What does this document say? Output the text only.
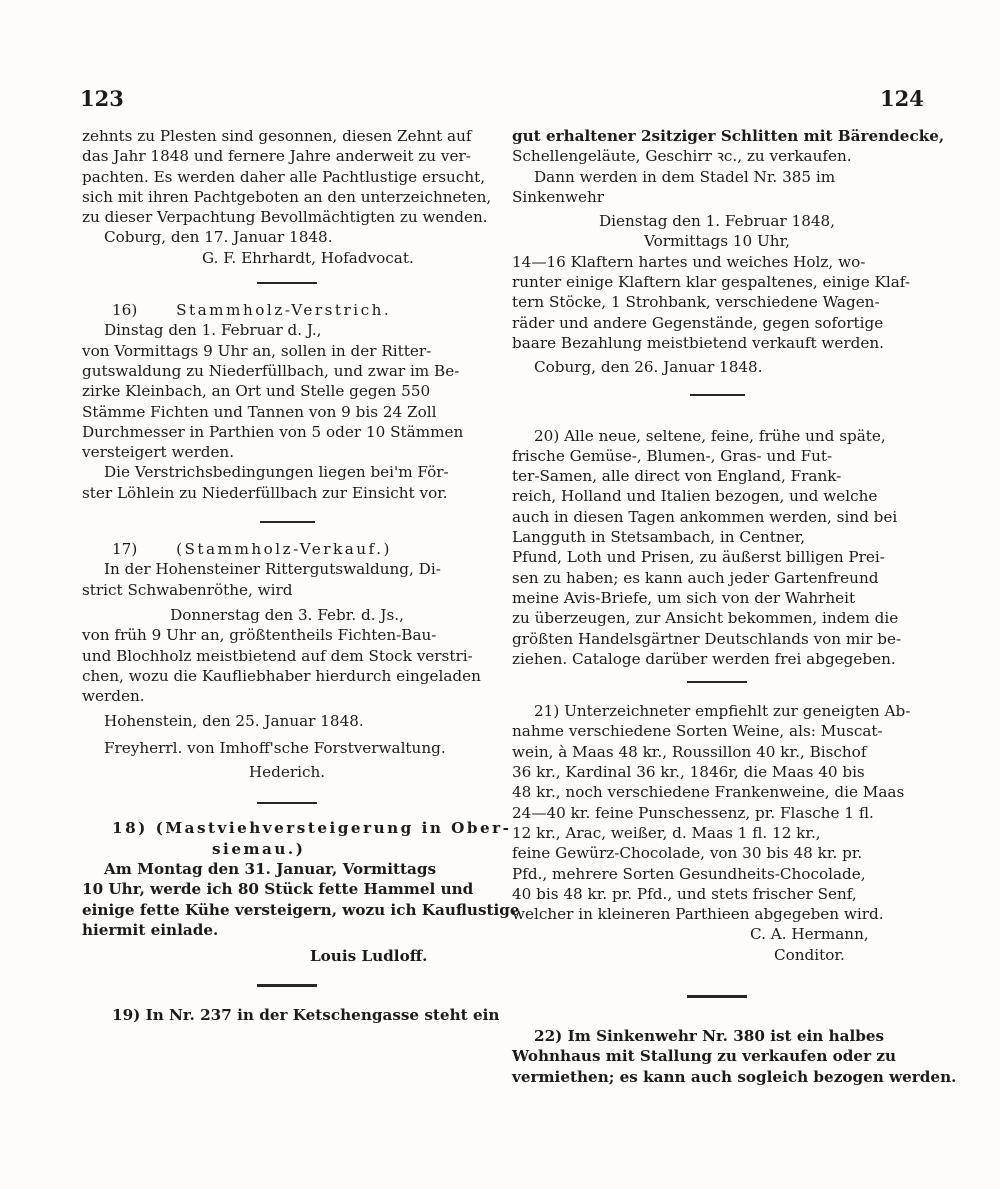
123	124
zehnts zu Plesten sind gesonnen, diesen Zehnt auf
das Jahr 1848 und fernere Jahre anderweit zu ver-
pachten. Es werden daher alle Pachtlustige ersucht,
sich mit ihren Pachtgeboten an den unterzeichneten,
zu dieser Verpachtung Bevollmächtigten zu wenden.
Coburg, den 17. Januar 1848.
G. F. Ehrhardt, Hofadvocat.
16)	Stammholz-Verstrich.
Dinstag den 1. Februar d. J.,
von Vormittags 9 Uhr an, sollen in der Ritter-
gutswaldung zu Niederfüllbach, und zwar im Be-
zirke Kleinbach, an Ort und Stelle gegen 550
Stämme Fichten und Tannen von 9 bis 24 Zoll
Durchmesser in Parthien von 5 oder 10 Stämmen
versteigert werden.
Die Verstrichsbedingungen liegen bei'm För-
ster Löhlein zu Niederfüllbach zur Einsicht vor.
17)	(Stammholz-Verkauf.)
In der Hohensteiner Rittergutswaldung, Di-
strict Schwabenröthe, wird
Donnerstag den 3. Febr. d. Js.,
von früh 9 Uhr an, größtentheils Fichten-Bau-
und Blochholz meistbietend auf dem Stock verstri-
chen, wozu die Kaufliebhaber hierdurch eingeladen
werden.
Hohenstein, den 25. Januar 1848.
Freyherrl. von Imhoff'sche Forstverwaltung.
Hederich.
18) (Mastviehversteigerung in Ober-
siemau.)
Am Montag den 31. Januar, Vormittags
10 Uhr, werde ich 80 Stück fette Hammel und
einige fette Kühe versteigern, wozu ich Kauflustige
hiermit einlade.
Louis Ludloff.
19) In Nr. 237 in der Ketschengasse steht ein
gut erhaltener 2sitziger Schlitten mit Bärendecke,
Schellengeläute, Geschirr ꝛc., zu verkaufen.
Dann werden in dem Stadel Nr. 385 im
Sinkenwehr
Dienstag den 1. Februar 1848,
Vormittags 10 Uhr,
14—16 Klaftern hartes und weiches Holz, wo-
runter einige Klaftern klar gespaltenes, einige Klaf-
tern Stöcke, 1 Strohbank, verschiedene Wagen-
räder und andere Gegenstände, gegen sofortige
baare Bezahlung meistbietend verkauft werden.
Coburg, den 26. Januar 1848.
20) Alle neue, seltene, feine, frühe und späte,
frische Gemüse-, Blumen-, Gras- und Fut-
ter-Samen, alle direct von England, Frank-
reich, Holland und Italien bezogen, und welche
auch in diesen Tagen ankommen werden, sind bei
Langguth in Stetsambach, in Centner,
Pfund, Loth und Prisen, zu äußerst billigen Prei-
sen zu haben; es kann auch jeder Gartenfreund
meine Avis-Briefe, um sich von der Wahrheit
zu überzeugen, zur Ansicht bekommen, indem die
größten Handelsgärtner Deutschlands von mir be-
ziehen. Cataloge darüber werden frei abgegeben.
21) Unterzeichneter empfiehlt zur geneigten Ab-
nahme verschiedene Sorten Weine, als: Muscat-
wein, à Maas 48 kr., Roussillon 40 kr., Bischof
36 kr., Kardinal 36 kr., 1846r, die Maas 40 bis
48 kr., noch verschiedene Frankenweine, die Maas
24—40 kr. feine Punschessenz, pr. Flasche 1 fl.
12 kr., Arac, weißer, d. Maas 1 fl. 12 kr.,
feine Gewürz-Chocolade, von 30 bis 48 kr. pr.
Pfd., mehrere Sorten Gesundheits-Chocolade,
40 bis 48 kr. pr. Pfd., und stets frischer Senf,
welcher in kleineren Parthieen abgegeben wird.
C. A. Hermann,
Conditor.
22) Im Sinkenwehr Nr. 380 ist ein halbes
Wohnhaus mit Stallung zu verkaufen oder zu
vermiethen; es kann auch sogleich bezogen werden.
